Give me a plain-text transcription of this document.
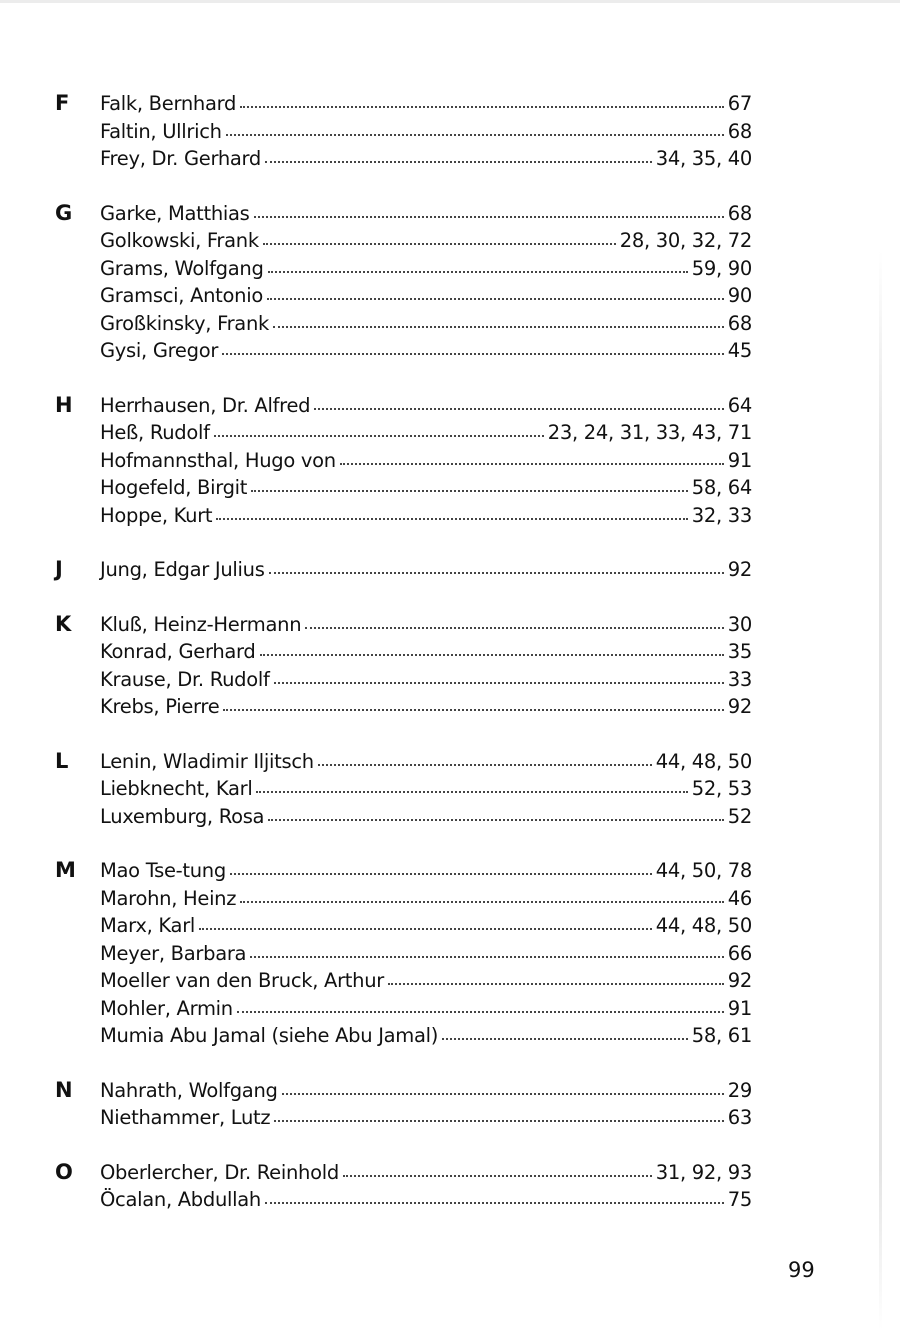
F	Falk, Bernhard	67
Faltin, Ullrich	68
Frey, Dr. Gerhard	34, 35, 40
G	Garke, Matthias	68
Golkowski, Frank	28, 30, 32, 72
Grams, Wolfgang	59, 90
Gramsci, Antonio	90
Großkinsky, Frank	68
Gysi, Gregor	45
H	Herrhausen, Dr. Alfred	64
Heß, Rudolf	23, 24, 31, 33, 43, 71
Hofmannsthal, Hugo von	91
Hogefeld, Birgit	58, 64
Hoppe, Kurt	32, 33
J	Jung, Edgar Julius	92
K	Kluß, Heinz-Hermann	30
Konrad, Gerhard	35
Krause, Dr. Rudolf	33
Krebs, Pierre	92
L	Lenin, Wladimir Iljitsch	44, 48, 50
Liebknecht, Karl	52, 53
Luxemburg, Rosa	52
M	Mao Tse-tung	44, 50, 78
Marohn, Heinz	46
Marx, Karl	44, 48, 50
Meyer, Barbara	66
Moeller van den Bruck, Arthur	92
Mohler, Armin	91
Mumia Abu Jamal (siehe Abu Jamal)	58, 61
N	Nahrath, Wolfgang	29
Niethammer, Lutz	63
O	Oberlercher, Dr. Reinhold	31, 92, 93
Öcalan, Abdullah	75
99
